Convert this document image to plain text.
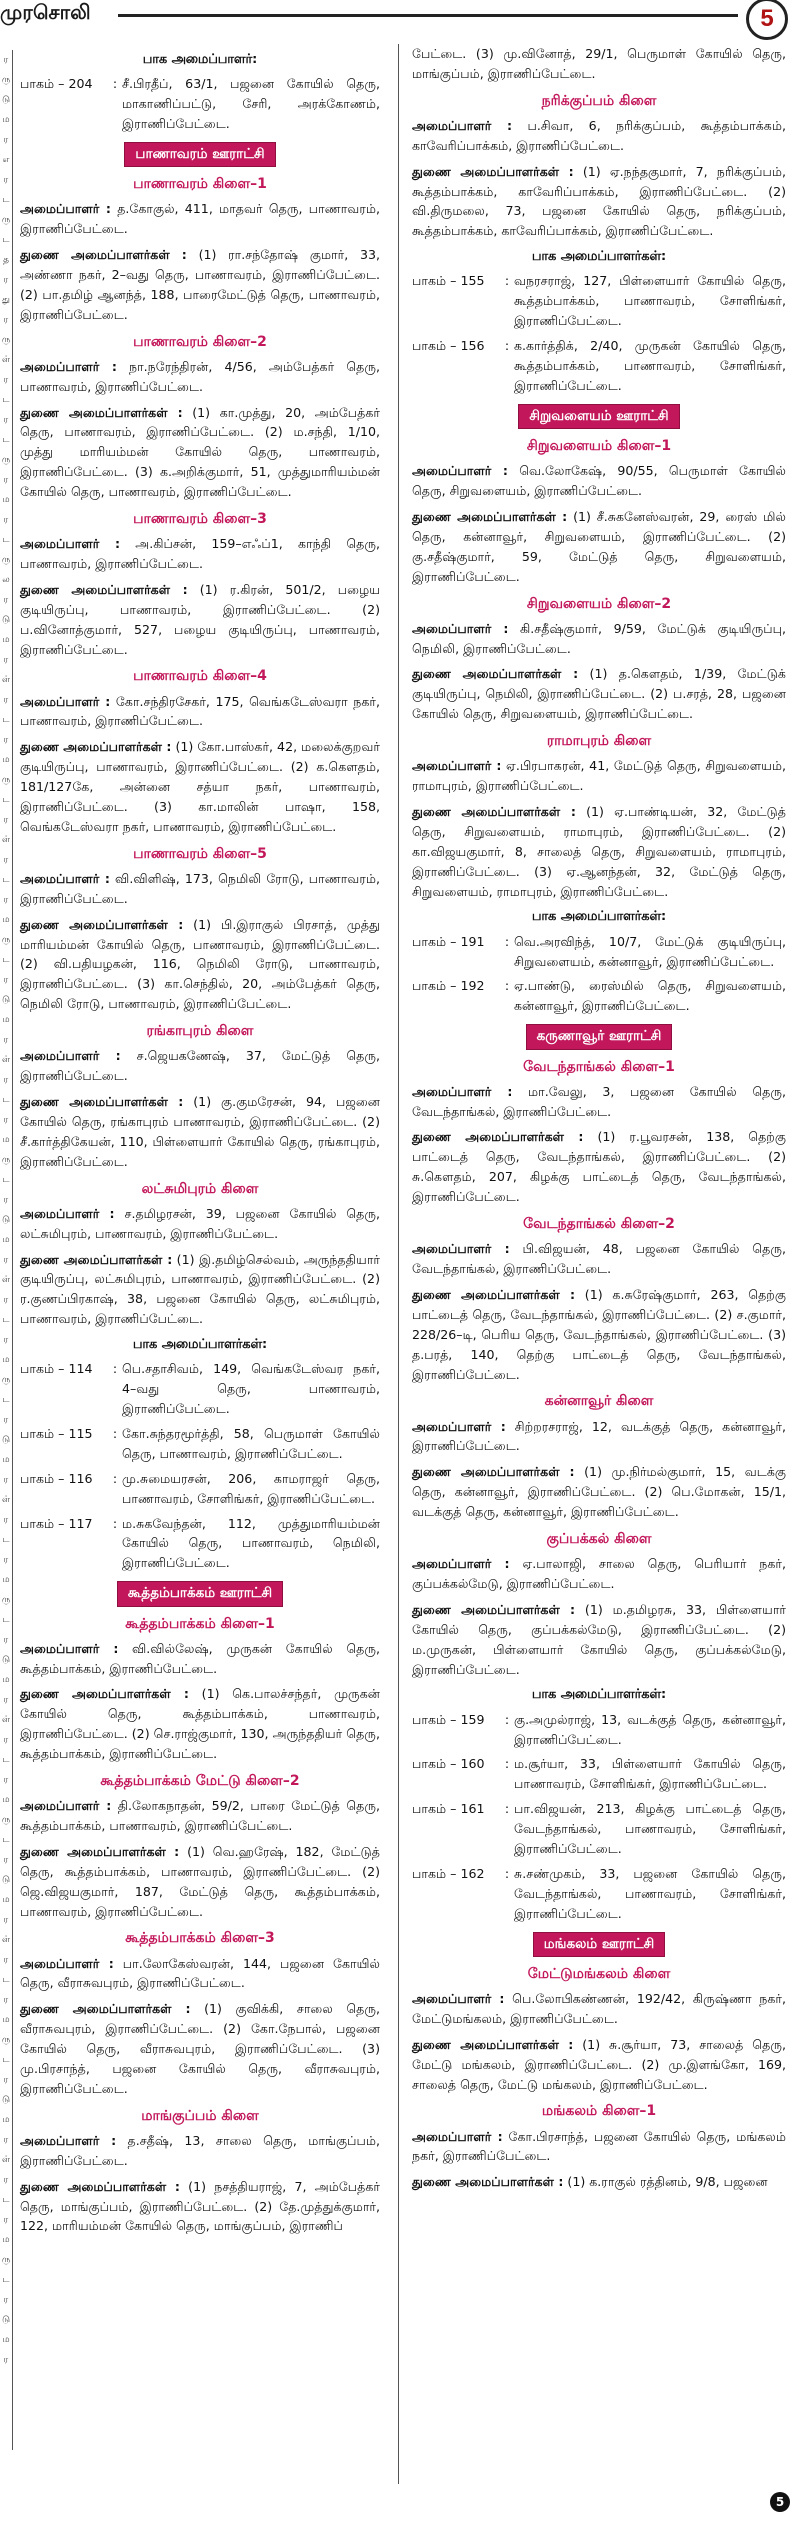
முரசொலி	5
ர
ரு
டு
ம
ர
எ
ர
ட
ரு
ட
த
ர
து
ர
ரு
ள்
ர
ட
ர
ட
ரு
ர
ம
ர
ட
ரு
ல
ர
டு
ம
ர
ள்
ர
ட
ர
ம
ரு
ட
ர
ள்
ர
ட
ர
ம
ரு
ட
ர
டு
ம
ர
ள்
ர
ட
ர
ம
ரு
ட
ர
டு
ம
ர
ள்
ர
ட
ர
ம
ரு
ட
ர
டு
ம
ர
ள்
ர
ட
ர
ம
ரு
ட
ர
டு
ம
ர
ள்
ர
ட
ர
ம
ரு
ட
ர
டு
ம
ர
ள்
ர
ட
ர
ம
ரு
ட
ர
டு
ம
ர
ள்
ர
ட
ர
ம
ரு
ட
ர
டு
ம
ர
பாக அமைப்பாளர்:
பாகம் – 204	: சீ.பிரதீப், 63/1, பஜனை கோயில் தெரு, மாகாணிப்பட்டு, சேரி, அரக்கோணம், இராணிப்பேட்டை.
பாணாவரம் ஊராட்சி
பாணாவரம் கிளை–1

அமைப்பாளர் : த.கோகுல், 411, மாதவர் தெரு, பாணாவரம், இராணிப்பேட்டை.

துணை அமைப்பாளர்கள் : (1) ரா.சந்தோஷ் குமார், 33, அண்ணா நகர், 2–வது தெரு, பாணாவரம், இராணிப்பேட்டை. (2) பா.தமிழ் ஆனந்த், 188, பாரைமேட்டுத் தெரு, பாணாவரம், இராணிப்பேட்டை.

பாணாவரம் கிளை–2

அமைப்பாளர் : நா.நரேந்திரன், 4/56, அம்பேத்கர் தெரு, பாணாவரம், இராணிப்பேட்டை.

துணை அமைப்பாளர்கள் : (1) கா.முத்து, 20, அம்பேத்கர் தெரு, பாணாவரம், இராணிப்பேட்டை. (2) ம.சந்தி, 1/10, முத்து மாரியம்மன் கோயில் தெரு, பாணாவரம், இராணிப்பேட்டை. (3) க.அறிக்குமார், 51, முத்துமாரியம்மன் கோயில் தெரு, பாணாவரம், இராணிப்பேட்டை.

பாணாவரம் கிளை–3

அமைப்பாளர் : அ.கிப்சன், 159–எஃப்1, காந்தி தெரு, பாணாவரம், இராணிப்பேட்டை.

துணை அமைப்பாளர்கள் : (1) ர.கிரன், 501/2, பழைய குடியிருப்பு, பாணாவரம், இராணிப்பேட்டை. (2) ப.வினோத்குமார், 527, பழைய குடியிருப்பு, பாணாவரம், இராணிப்பேட்டை.

பாணாவரம் கிளை–4

அமைப்பாளர் : கோ.சந்திரசேகர், 175, வெங்கடேஸ்வரா நகர், பாணாவரம், இராணிப்பேட்டை.

துணை அமைப்பாளர்கள் : (1) கோ.பாஸ்கர், 42, மலைக்குறவர் குடியிருப்பு, பாணாவரம், இராணிப்பேட்டை. (2) க.கௌதம், 181/127கே, அன்னை சத்யா நகர், பாணாவரம், இராணிப்பேட்டை. (3) கா.மாலின் பாஷா, 158, வெங்கடேஸ்வரா நகர், பாணாவரம், இராணிப்பேட்டை.

பாணாவரம் கிளை–5

அமைப்பாளர் : வி.விளிஷ், 173, நெமிலி ரோடு, பாணாவரம், இராணிப்பேட்டை.

துணை அமைப்பாளர்கள் : (1) பி.இராகுல் பிரசாத், முத்து மாரியம்மன் கோயில் தெரு, பாணாவரம், இராணிப்பேட்டை. (2) வி.பதியழகன், 116, நெமிலி ரோடு, பாணாவரம், இராணிப்பேட்டை. (3) கா.செந்தில், 20, அம்பேத்கர் தெரு, நெமிலி ரோடு, பாணாவரம், இராணிப்பேட்டை.

ரங்காபுரம் கிளை

அமைப்பாளர் : ச.ஜெயகணேஷ், 37, மேட்டுத் தெரு, இராணிப்பேட்டை.

துணை அமைப்பாளர்கள் : (1) கு.குமரேசன், 94, பஜனை கோயில் தெரு, ரங்காபுரம் பாணாவரம், இராணிப்பேட்டை. (2) சீ.கார்த்திகேயன், 110, பிள்ளையார் கோயில் தெரு, ரங்காபுரம், இராணிப்பேட்டை.

லட்சுமிபுரம் கிளை

அமைப்பாளர் : ச.தமிழரசன், 39, பஜனை கோயில் தெரு, லட்சுமிபுரம், பாணாவரம், இராணிப்பேட்டை.

துணை அமைப்பாளர்கள் : (1) இ.தமிழ்செல்வம், அருந்ததியார் குடியிருப்பு, லட்சுமிபுரம், பாணாவரம், இராணிப்பேட்டை. (2) ர.குணப்பிரகாஷ், 38, பஜனை கோயில் தெரு, லட்சுமிபுரம், பாணாவரம், இராணிப்பேட்டை.

பாக அமைப்பாளர்கள்:
பாகம் – 114	: பெ.சதாசிவம், 149, வெங்கடேஸ்வர நகர், 4–வது தெரு, பாணாவரம், இராணிப்பேட்டை.
பாகம் – 115	: கோ.சுந்தரமூர்த்தி, 58, பெருமாள் கோயில் தெரு, பாணாவரம், இராணிப்பேட்டை.
பாகம் – 116	: மு.சுமையரசன், 206, காமராஜர் தெரு, பாணாவரம், சோளிங்கர், இராணிப்பேட்டை.
பாகம் – 117	: ம.சுகவேந்தன், 112, முத்துமாரியம்மன் கோயில் தெரு, பாணாவரம், நெமிலி, இராணிப்பேட்டை.
கூத்தம்பாக்கம் ஊராட்சி
கூத்தம்பாக்கம் கிளை–1

அமைப்பாளர் : வி.வில்லேஷ், முருகன் கோயில் தெரு, கூத்தம்பாக்கம், இராணிப்பேட்டை.

துணை அமைப்பாளர்கள் : (1) கெ.பாலச்சந்தர், முருகன் கோயில் தெரு, கூத்தம்பாக்கம், பாணாவரம், இராணிப்பேட்டை. (2) செ.ராஜ்குமார், 130, அருந்ததியர் தெரு, கூத்தம்பாக்கம், இராணிப்பேட்டை.

கூத்தம்பாக்கம் மேட்டு கிளை–2

அமைப்பாளர் : தி.லோகநாதன், 59/2, பாரை மேட்டுத் தெரு, கூத்தம்பாக்கம், பாணாவரம், இராணிப்பேட்டை.

துணை அமைப்பாளர்கள் : (1) வெ.ஹரேஷ், 182, மேட்டுத் தெரு, கூத்தம்பாக்கம், பாணாவரம், இராணிப்பேட்டை. (2) ஜெ.விஜயகுமார், 187, மேட்டுத் தெரு, கூத்தம்பாக்கம், பாணாவரம், இராணிப்பேட்டை.

கூத்தம்பாக்கம் கிளை–3

அமைப்பாளர் : பா.லோகேஸ்வரன், 144, பஜனை கோயில் தெரு, வீராசுவபுரம், இராணிப்பேட்டை.

துணை அமைப்பாளர்கள் : (1) குவிக்கி, சாலை தெரு, வீராசுவபுரம், இராணிப்பேட்டை. (2) கோ.நேபால், பஜனை கோயில் தெரு, வீராசுவபுரம், இராணிப்பேட்டை. (3) மு.பிரசாந்த், பஜனை கோயில் தெரு, வீராசுவபுரம், இராணிப்பேட்டை.

மாங்குப்பம் கிளை

அமைப்பாளர் : த.சதீஷ், 13, சாலை தெரு, மாங்குப்பம், இராணிப்பேட்டை.

துணை அமைப்பாளர்கள் : (1) நசத்தியராஜ், 7, அம்பேத்கர் தெரு, மாங்குப்பம், இராணிப்பேட்டை. (2) தே.முத்துக்குமார், 122, மாரியம்மன் கோயில் தெரு, மாங்குப்பம், இராணிப்

பேட்டை. (3) மு.வினோத், 29/1, பெருமாள் கோயில் தெரு, மாங்குப்பம், இராணிப்பேட்டை.

நரிக்குப்பம் கிளை

அமைப்பாளர் : ப.சிவா, 6, நரிக்குப்பம், கூத்தம்பாக்கம், காவேரிப்பாக்கம், இராணிப்பேட்டை.

துணை அமைப்பாளர்கள் : (1) ஏ.நந்தகுமார், 7, நரிக்குப்பம், கூத்தம்பாக்கம், காவேரிப்பாக்கம், இராணிப்பேட்டை. (2) வி.திருமலை, 73, பஜனை கோயில் தெரு, நரிக்குப்பம், கூத்தம்பாக்கம், காவேரிப்பாக்கம், இராணிப்பேட்டை.

பாக அமைப்பாளர்கள்:
பாகம் – 155	: வநரசராஜ், 127, பிள்ளையார் கோயில் தெரு, கூத்தம்பாக்கம், பாணாவரம், சோளிங்கர், இராணிப்பேட்டை.
பாகம் – 156	: க.கார்த்திக், 2/40, முருகன் கோயில் தெரு, கூத்தம்பாக்கம், பாணாவரம், சோளிங்கர், இராணிப்பேட்டை.
சிறுவளையம் ஊராட்சி
சிறுவளையம் கிளை–1

அமைப்பாளர் : வெ.லோகேஷ், 90/55, பெருமாள் கோயில் தெரு, சிறுவளையம், இராணிப்பேட்டை.

துணை அமைப்பாளர்கள் : (1) சீ.சுகனேஸ்வரன், 29, ரைஸ் மில் தெரு, கன்னாவூர், சிறுவளையம், இராணிப்பேட்டை. (2) கு.சதீஷ்குமார், 59, மேட்டுத் தெரு, சிறுவளையம், இராணிப்பேட்டை.

சிறுவளையம் கிளை–2

அமைப்பாளர் : கி.சதீஷ்குமார், 9/59, மேட்டுக் குடியிருப்பு, நெமிலி, இராணிப்பேட்டை.

துணை அமைப்பாளர்கள் : (1) த.கௌதம், 1/39, மேட்டுக் குடியிருப்பு, நெமிலி, இராணிப்பேட்டை. (2) ப.சரத், 28, பஜனை கோயில் தெரு, சிறுவளையம், இராணிப்பேட்டை.

ராமாபுரம் கிளை

அமைப்பாளர் : ஏ.பிரபாகரன், 41, மேட்டுத் தெரு, சிறுவளையம், ராமாபுரம், இராணிப்பேட்டை.

துணை அமைப்பாளர்கள் : (1) ஏ.பாண்டியன், 32, மேட்டுத் தெரு, சிறுவளையம், ராமாபுரம், இராணிப்பேட்டை. (2) கா.விஜயகுமார், 8, சாலைத் தெரு, சிறுவளையம், ராமாபுரம், இராணிப்பேட்டை. (3) ஏ.ஆனந்தன், 32, மேட்டுத் தெரு, சிறுவளையம், ராமாபுரம், இராணிப்பேட்டை.

பாக அமைப்பாளர்கள்:
பாகம் – 191	: வெ.அரவிந்த், 10/7, மேட்டுக் குடியிருப்பு, சிறுவளையம், கன்னாவூர், இராணிப்பேட்டை.
பாகம் – 192	: ஏ.பாண்டு, ரைஸ்மில் தெரு, சிறுவளையம், கன்னாவூர், இராணிப்பேட்டை.
கருணாவூர் ஊராட்சி
வேடந்தாங்கல் கிளை–1

அமைப்பாளர் : மா.வேலு, 3, பஜனை கோயில் தெரு, வேடந்தாங்கல், இராணிப்பேட்டை.

துணை அமைப்பாளர்கள் : (1) ர.பூவரசன், 138, தெற்கு பாட்டைத் தெரு, வேடந்தாங்கல், இராணிப்பேட்டை. (2) சு.கௌதம், 207, கிழக்கு பாட்டைத் தெரு, வேடந்தாங்கல், இராணிப்பேட்டை.

வேடந்தாங்கல் கிளை–2

அமைப்பாளர் : பி.விஜயன், 48, பஜனை கோயில் தெரு, வேடந்தாங்கல், இராணிப்பேட்டை.

துணை அமைப்பாளர்கள் : (1) க.சுரேஷ்குமார், 263, தெற்கு பாட்டைத் தெரு, வேடந்தாங்கல், இராணிப்பேட்டை. (2) ச.குமார், 228/26–டி, பெரிய தெரு, வேடந்தாங்கல், இராணிப்பேட்டை. (3) த.பரத், 140, தெற்கு பாட்டைத் தெரு, வேடந்தாங்கல், இராணிப்பேட்டை.

கன்னாவூர் கிளை

அமைப்பாளர் : சிற்றரசராஜ், 12, வடக்குத் தெரு, கன்னாவூர், இராணிப்பேட்டை.

துணை அமைப்பாளர்கள் : (1) மு.நிர்மல்குமார், 15, வடக்கு தெரு, கன்னாவூர், இராணிப்பேட்டை. (2) பெ.மோகன், 15/1, வடக்குத் தெரு, கன்னாவூர், இராணிப்பேட்டை.

குப்பக்கல் கிளை

அமைப்பாளர் : ஏ.பாலாஜி, சாலை தெரு, பெரியார் நகர், குப்பக்கல்மேடு, இராணிப்பேட்டை.

துணை அமைப்பாளர்கள் : (1) ம.தமிழரசு, 33, பிள்ளையார் கோயில் தெரு, குப்பக்கல்மேடு, இராணிப்பேட்டை. (2) ம.முருகன், பிள்ளையார் கோயில் தெரு, குப்பக்கல்மேடு, இராணிப்பேட்டை.

பாக அமைப்பாளர்கள்:
பாகம் – 159	: கு.அமுல்ராஜ், 13, வடக்குத் தெரு, கன்னாவூர், இராணிப்பேட்டை.
பாகம் – 160	: ம.சூர்யா, 33, பிள்ளையார் கோயில் தெரு, பாணாவரம், சோளிங்கர், இராணிப்பேட்டை.
பாகம் – 161	: பா.விஜயன், 213, கிழக்கு பாட்டைத் தெரு, வேடந்தாங்கல், பாணாவரம், சோளிங்கர், இராணிப்பேட்டை.
பாகம் – 162	: சு.சண்முகம், 33, பஜனை கோயில் தெரு, வேடந்தாங்கல், பாணாவரம், சோளிங்கர், இராணிப்பேட்டை.
மங்கலம் ஊராட்சி
மேட்டுமங்கலம் கிளை

அமைப்பாளர் : பெ.லோபிகண்ணன், 192/42, கிருஷ்ணா நகர், மேட்டுமங்கலம், இராணிப்பேட்டை.

துணை அமைப்பாளர்கள் : (1) சு.சூர்யா, 73, சாலைத் தெரு, மேட்டு மங்கலம், இராணிப்பேட்டை. (2) மு.இளங்கோ, 169, சாலைத் தெரு, மேட்டு மங்கலம், இராணிப்பேட்டை.

மங்கலம் கிளை–1

அமைப்பாளர் : கோ.பிரசாந்த், பஜனை கோயில் தெரு, மங்கலம் நகர், இராணிப்பேட்டை.

துணை அமைப்பாளர்கள் : (1) க.ராகுல் ரத்தினம், 9/8, பஜனை

5
